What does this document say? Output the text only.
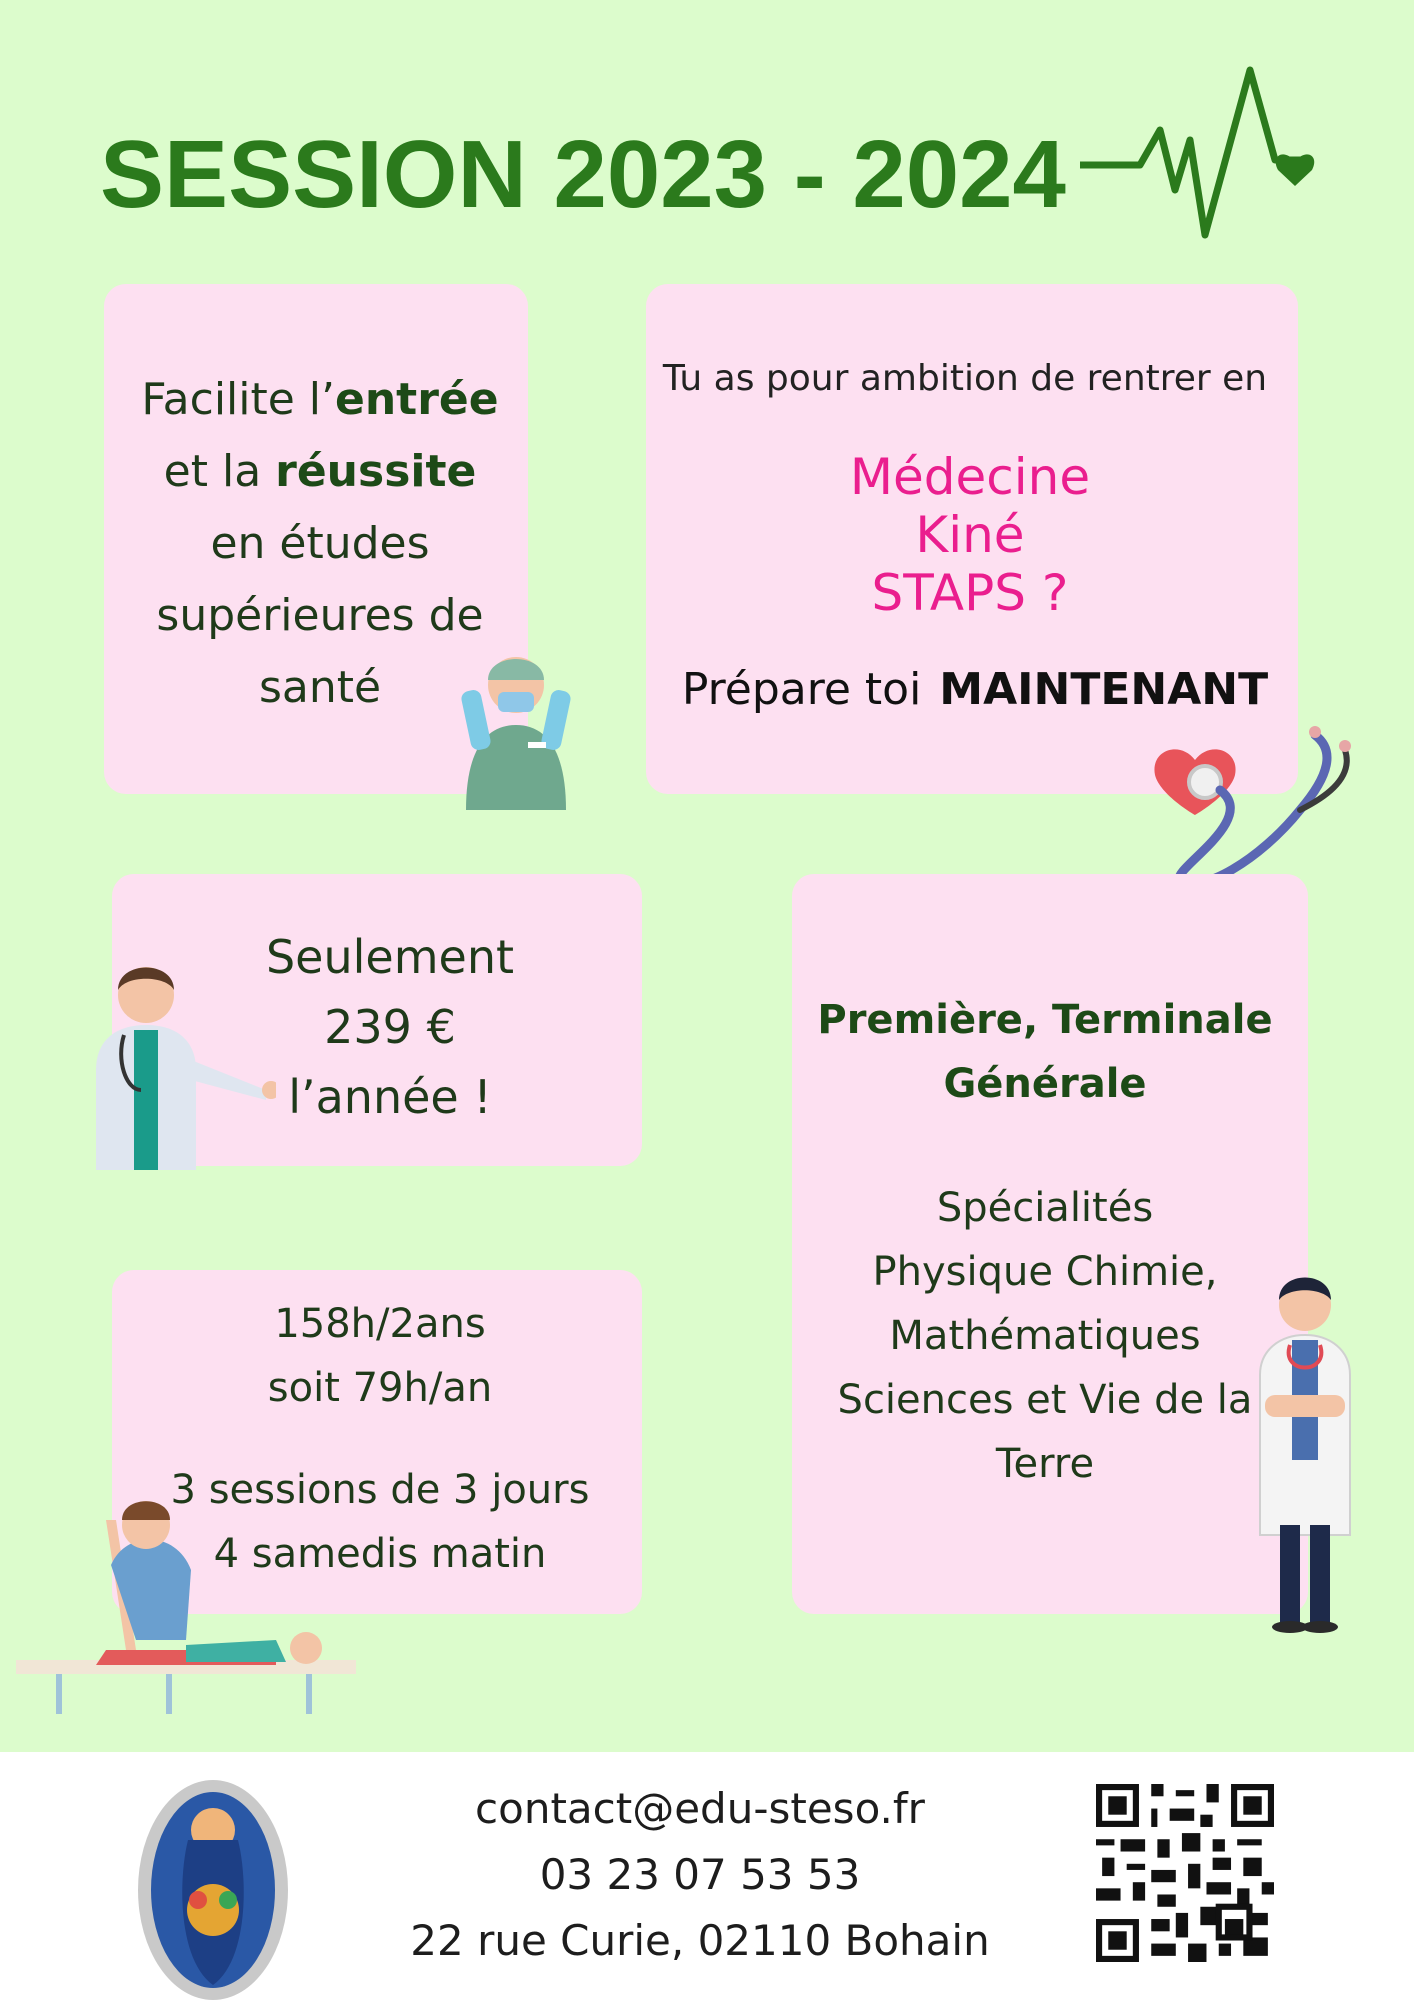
SESSION 2023 - 2024
Facilite l’entrée
et la réussite
en études
supérieures de
santé
Tu as pour ambition de rentrer en
Médecine
Kiné
STAPS ?
Prépare toi MAINTENANT
Seulement
239 €
l’année !
Première, Terminale
Générale
Spécialités
Physique Chimie,
Mathématiques
Sciences et Vie de la
Terre
158h/2ans
soit 79h/an
3 sessions de 3 jours
4 samedis matin
contact@edu-steso.fr
03 23 07 53 53
22 rue Curie, 02110 Bohain
